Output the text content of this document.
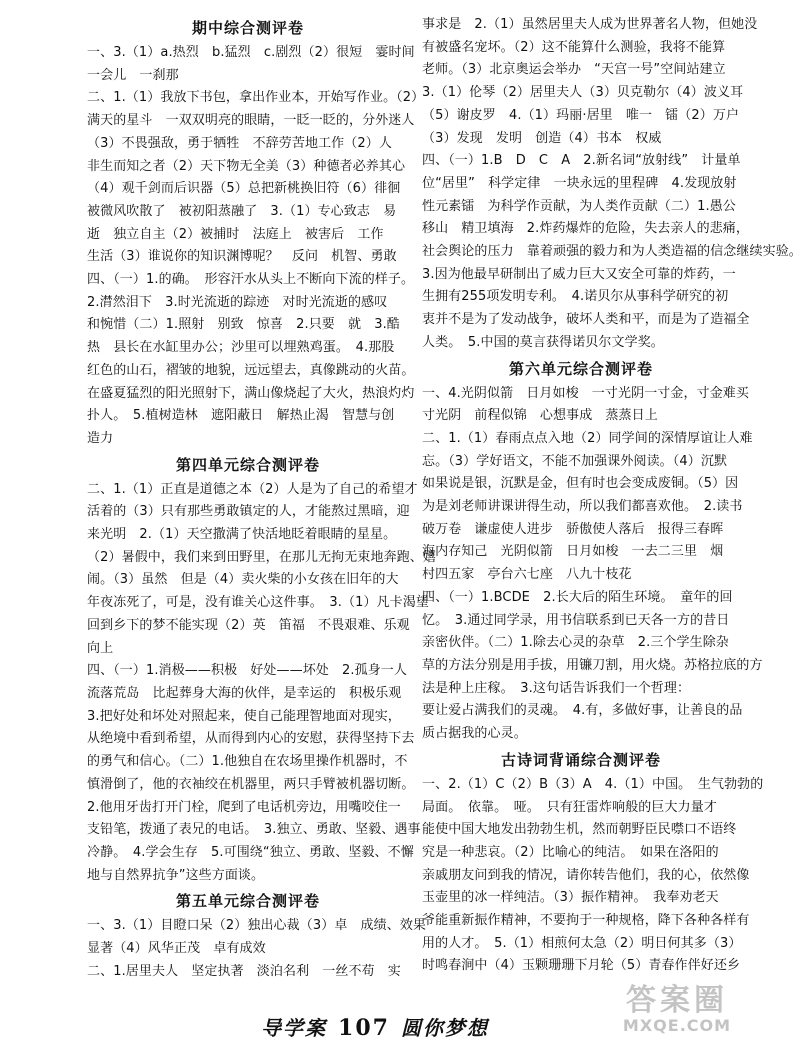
期中综合测评卷
一、3.（1）a.热烈　b.猛烈　c.剧烈（2）很短　霎时间
一会儿　一刹那
二、1.（1）我放下书包，拿出作业本，开始写作业。（2）
满天的星斗　一双双明亮的眼睛，一眨一眨的，分外迷人
（3）不畏强敌，勇于牺牲　不辞劳苦地工作（2）人
非生而知之者（2）天下物无全美（3）种德者必养其心
（4）观千剑而后识器（5）总把新桃换旧符（6）徘徊
被微风吹散了　被初阳蒸融了　3.（1）专心致志　易
逝　独立自主（2）被捕时　法庭上　被害后　工作
生活（3）谁说你的知识渊博呢？　反问　机智、勇敢
四、（一）1.的确。　形容汗水从头上不断向下流的样子。
2.潸然泪下　3.时光流逝的踪迹　对时光流逝的感叹
和惋惜（二）1.照射　别致　惊喜　2.只要　就　3.酷
热　县长在水缸里办公；沙里可以埋熟鸡蛋。　4.那股
红色的山石，褶皱的地貌，远远望去，真像跳动的火苗。
在盛夏猛烈的阳光照射下，满山像烧起了大火，热浪灼灼
扑人。　5.植树造林　遮阳蔽日　解热止渴　智慧与创
造力
第四单元综合测评卷
二、1.（1）正直是道德之本（2）人是为了自己的希望才
活着的（3）只有那些勇敢镇定的人，才能熬过黑暗，迎
来光明　2.（1）天空撒满了快活地眨着眼睛的星星。
（2）暑假中，我们来到田野里，在那儿无拘无束地奔跑、嬉
闹。（3）虽然　但是（4）卖火柴的小女孩在旧年的大
年夜冻死了，可是，没有谁关心这件事。　3.（1）凡卡渴望
回到乡下的梦不能实现（2）英　笛福　不畏艰难、乐观
向上
四、（一）1.消极——积极　好处——坏处　2.孤身一人
流落荒岛　比起葬身大海的伙伴，是幸运的　积极乐观
3.把好处和坏处对照起来，使自己能理智地面对现实，
从绝境中看到希望，从而得到内心的安慰，获得坚持下去
的勇气和信心。（二）1.他独自在农场里操作机器时，不
慎滑倒了，他的衣袖绞在机器里，两只手臂被机器切断。
2.他用牙齿打开门栓，爬到了电话机旁边，用嘴咬住一
支铅笔，拨通了表兄的电话。　3.独立、勇敢、坚毅、遇事
冷静。　4.学会生存　5.可围绕“独立、勇敢、坚毅、不懈
地与自然界抗争”这些方面谈。
第五单元综合测评卷
一、3.（1）目瞪口呆（2）独出心裁（3）卓　成绩、效果
显著（4）风华正茂　卓有成效
二、1.居里夫人　坚定执著　淡泊名利　一丝不苟　实
事求是　2.（1）虽然居里夫人成为世界著名人物，但她没
有被盛名宠坏。（2）这不能算什么测验，我将不能算
老师。（3）北京奥运会举办　“天宫一号”空间站建立
3.（1）伦琴（2）居里夫人（3）贝克勒尔（4）波义耳
（5）谢皮罗　4.（1）玛丽·居里　唯一　镭（2）万户
（3）发现　发明　创造（4）书本　权威
四、（一）1.B　D　C　A　2.新名词“放射线”　计量单
位“居里”　科学定律　一块永远的里程碑　4.发现放射
性元素镭　为科学作贡献，为人类作贡献（二）1.愚公
移山　精卫填海　2.炸药爆炸的危险，失去亲人的悲痛，
社会舆论的压力　靠着顽强的毅力和为人类造福的信念继续实验。
3.因为他最早研制出了威力巨大又安全可靠的炸药，一
生拥有255项发明专利。　4.诺贝尔从事科学研究的初
衷并不是为了发动战争，破坏人类和平，而是为了造福全
人类。　5.中国的莫言获得诺贝尔文学奖。
第六单元综合测评卷
一、4.光阴似箭　日月如梭　一寸光阴一寸金，寸金难买
寸光阴　前程似锦　心想事成　蒸蒸日上
二、1.（1）春雨点点入地（2）同学间的深情厚谊让人难
忘。（3）学好语文，不能不加强课外阅读。（4）沉默
如果说是银，沉默是金，但有时也会变成废铜。（5）因
为是刘老师讲课讲得生动，所以我们都喜欢他。　2.读书
破万卷　谦虚使人进步　骄傲使人落后　报得三春晖
海内存知己　光阴似箭　日月如梭　一去二三里　烟
村四五家　亭台六七座　八九十枝花
四、（一）1.BCDE　2.长大后的陌生环境。　童年的回
忆。　3.通过同学录，用书信联系到已天各一方的昔日
亲密伙伴。（二）1.除去心灵的杂草　2.三个学生除杂
草的方法分别是用手拔，用镰刀割，用火烧。苏格拉底的方
法是种上庄稼。　3.这句话告诉我们一个哲理：
要让爱占满我们的灵魂。　4.有，多做好事，让善良的品
质占据我的心灵。
古诗词背诵综合测评卷
一、2.（1）C（2）B（3）A　4.（1）中国。　生气勃勃的
局面。　依靠。　哑。　只有狂雷炸响般的巨大力量才
能使中国大地发出勃勃生机，然而朝野臣民噤口不语终
究是一种悲哀。（2）比喻心的纯洁。　如果在洛阳的
亲戚朋友问到我的情况，请你转告他们，我的心，依然像
玉壶里的冰一样纯洁。（3）振作精神。　我奉劝老天
爷能重新振作精神，不要拘于一种规格，降下各种各样有
用的人才。　5.（1）相煎何太急（2）明日何其多（3）
时鸣春涧中（4）玉颗珊珊下月轮（5）青春作伴好还乡
导学案 107 圆你梦想
答案圈
MXQE.COM
